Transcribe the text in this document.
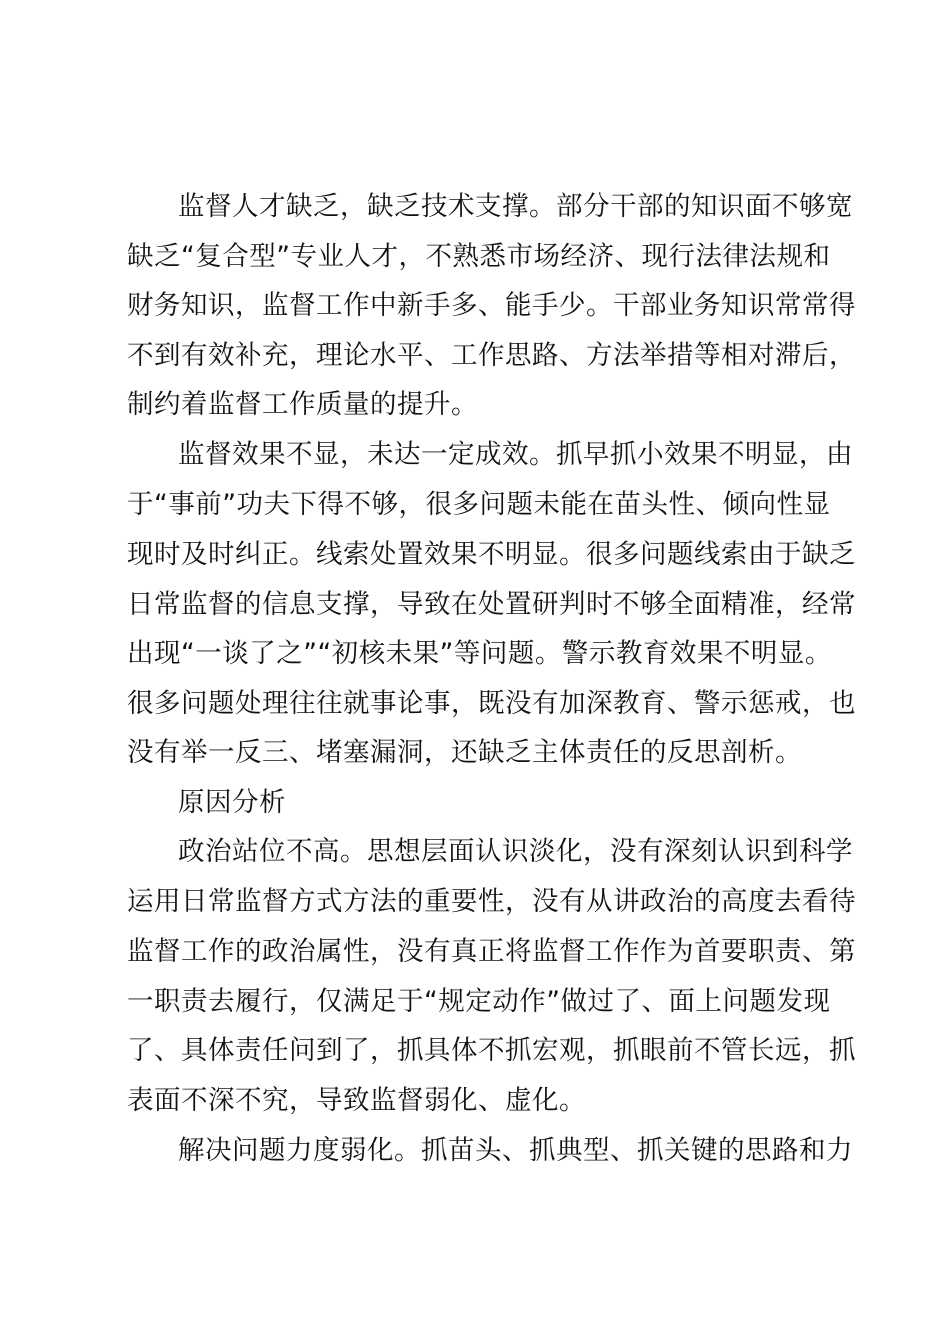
监督人才缺乏，缺乏技术支撑。部分干部的知识面不够宽
缺乏“复合型”专业人才，不熟悉市场经济、现行法律法规和
财务知识，监督工作中新手多、能手少。干部业务知识常常得
不到有效补充，理论水平、工作思路、方法举措等相对滞后，
制约着监督工作质量的提升。
监督效果不显，未达一定成效。抓早抓小效果不明显，由
于“事前”功夫下得不够，很多问题未能在苗头性、倾向性显
现时及时纠正。线索处置效果不明显。很多问题线索由于缺乏
日常监督的信息支撑，导致在处置研判时不够全面精准，经常
出现“一谈了之”“初核未果”等问题。警示教育效果不明显。
很多问题处理往往就事论事，既没有加深教育、警示惩戒，也
没有举一反三、堵塞漏洞，还缺乏主体责任的反思剖析。
原因分析
政治站位不高。思想层面认识淡化，没有深刻认识到科学
运用日常监督方式方法的重要性，没有从讲政治的高度去看待
监督工作的政治属性，没有真正将监督工作作为首要职责、第
一职责去履行，仅满足于“规定动作”做过了、面上问题发现
了、具体责任问到了，抓具体不抓宏观，抓眼前不管长远，抓
表面不深不究，导致监督弱化、虚化。
解决问题力度弱化。抓苗头、抓典型、抓关键的思路和力
